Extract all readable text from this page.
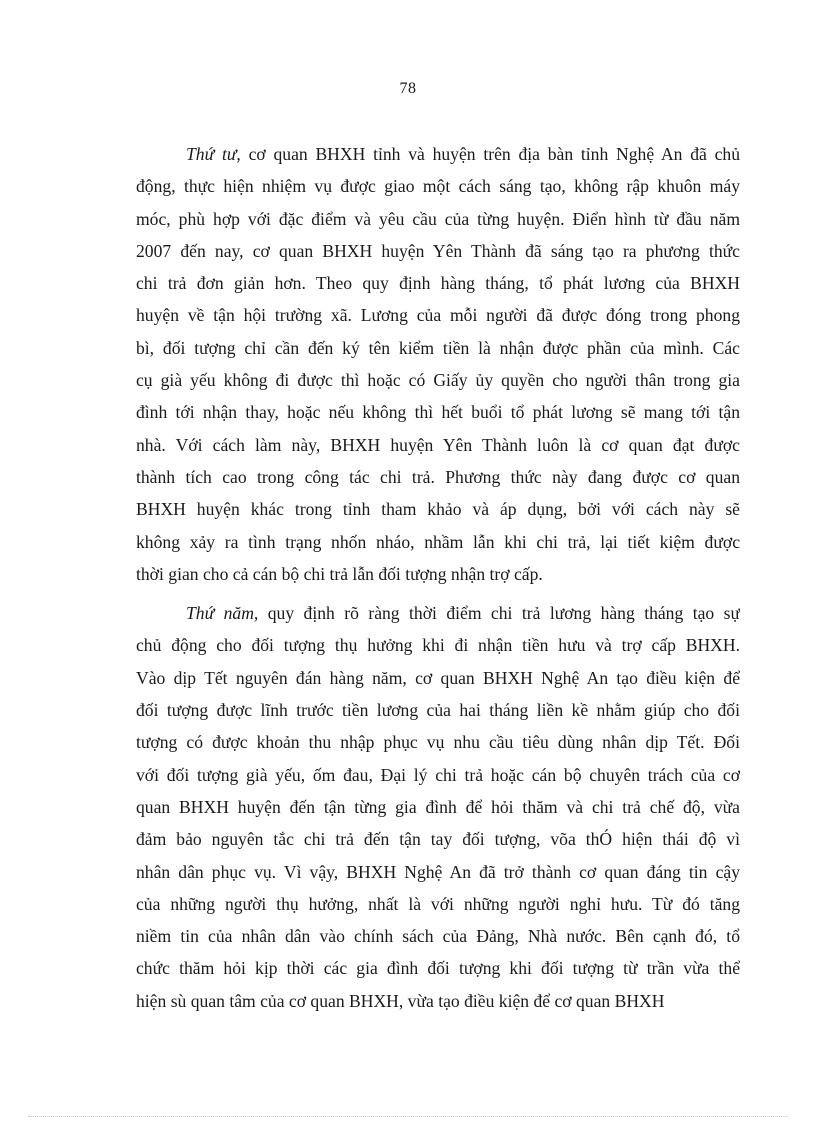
78
Thứ tư, cơ quan BHXH tỉnh và huyện trên địa bàn tỉnh Nghệ An đã chủ
động, thực hiện nhiệm vụ được giao một cách sáng tạo, không rập khuôn máy
móc, phù hợp với đặc điểm và yêu cầu của từng huyện. Điển hình từ đầu năm
2007 đến nay, cơ quan BHXH huyện Yên Thành đã sáng tạo ra phương thức
chi trả đơn giản hơn. Theo quy định hàng tháng, tổ phát lương của BHXH
huyện về tận hội trường xã. Lương của mỗi người đã được đóng trong phong
bì, đối tượng chỉ cần đến ký tên kiểm tiền là nhận được phần của mình. Các
cụ già yếu không đi được thì hoặc có Giấy ủy quyền cho người thân trong gia
đình tới nhận thay, hoặc nếu không thì hết buổi tổ phát lương sẽ mang tới tận
nhà. Với cách làm này, BHXH huyện Yên Thành luôn là cơ quan đạt được
thành tích cao trong công tác chi trả. Phương thức này đang được cơ quan
BHXH huyện khác trong tỉnh tham khảo và áp dụng, bởi với cách này sẽ
không xảy ra tình trạng nhốn nháo, nhầm lẫn khi chi trả, lại tiết kiệm được
thời gian cho cả cán bộ chi trả lẫn đối tượng nhận trợ cấp.
Thứ năm, quy định rõ ràng thời điểm chi trả lương hàng tháng tạo sự
chủ động cho đối tượng thụ hưởng khi đi nhận tiền hưu và trợ cấp BHXH.
Vào dịp Tết nguyên đán hàng năm, cơ quan BHXH Nghệ An tạo điều kiện để
đối tượng được lĩnh trước tiền lương của hai tháng liền kề nhằm giúp cho đối
tượng có được khoản thu nhập phục vụ nhu cầu tiêu dùng nhân dịp Tết. Đối
với đối tượng già yếu, ốm đau, Đại lý chi trả hoặc cán bộ chuyên trách của cơ
quan BHXH huyện đến tận từng gia đình để hỏi thăm và chi trả chế độ, vừa
đảm bảo nguyên tắc chi trả đến tận tay đối tượng, võa thÓ hiện thái độ vì
nhân dân phục vụ. Vì vậy, BHXH Nghệ An đã trở thành cơ quan đáng tin cậy
của những người thụ hưởng, nhất là với những người nghỉ hưu. Từ đó tăng
niềm tin của nhân dân vào chính sách của Đảng, Nhà nước. Bên cạnh đó, tổ
chức thăm hỏi kịp thời các gia đình đối tượng khi đối tượng từ trần vừa thể
hiện sù quan tâm của cơ quan BHXH, vừa tạo điều kiện để cơ quan BHXH
